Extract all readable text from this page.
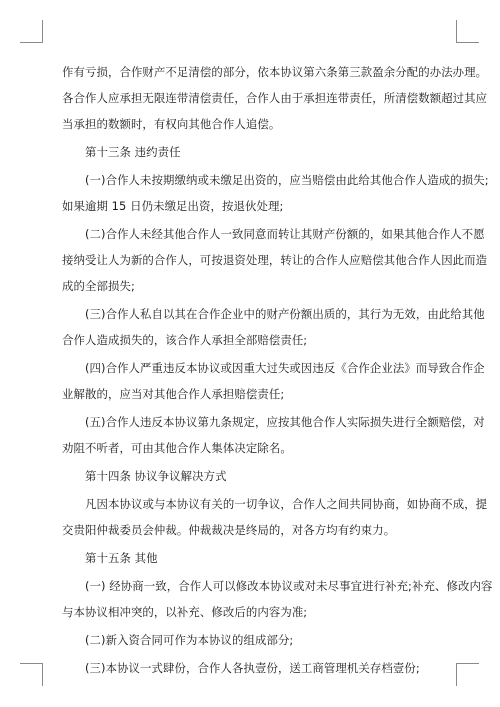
作有亏损，合作财产不足清偿的部分，依本协议第六条第三款盈余分配的办法办理。
各合作人应承担无限连带清偿责任，合作人由于承担连带责任，所清偿数额超过其应
当承担的数额时，有权向其他合作人追偿。
第十三条 违约责任
(一)合作人未按期缴纳或未缴足出资的，应当赔偿由此给其他合作人造成的损失;
如果逾期 15 日仍未缴足出资，按退伙处理;
(二)合作人未经其他合作人一致同意而转让其财产份额的，如果其他合作人不愿
接纳受让人为新的合作人，可按退资处理，转让的合作人应赔偿其他合作人因此而造
成的全部损失;
(三)合作人私自以其在合作企业中的财产份额出质的，其行为无效，由此给其他
合作人造成损失的，该合作人承担全部赔偿责任;
(四)合作人严重违反本协议或因重大过失或因违反《合作企业法》而导致合作企
业解散的，应当对其他合作人承担赔偿责任;
(五)合作人违反本协议第九条规定，应按其他合作人实际损失进行全额赔偿，对
劝阻不听者，可由其他合作人集体决定除名。
第十四条 协议争议解决方式
凡因本协议或与本协议有关的一切争议，合作人之间共同协商，如协商不成，提
交贵阳仲裁委员会仲裁。仲裁裁决是终局的，对各方均有约束力。
第十五条 其他
(一) 经协商一致，合作人可以修改本协议或对未尽事宜进行补充;补充、修改内容
与本协议相冲突的，以补充、修改后的内容为准;
(二)新入资合同可作为本协议的组成部分;
(三)本协议一式肆份，合作人各执壹份，送工商管理机关存档壹份;
